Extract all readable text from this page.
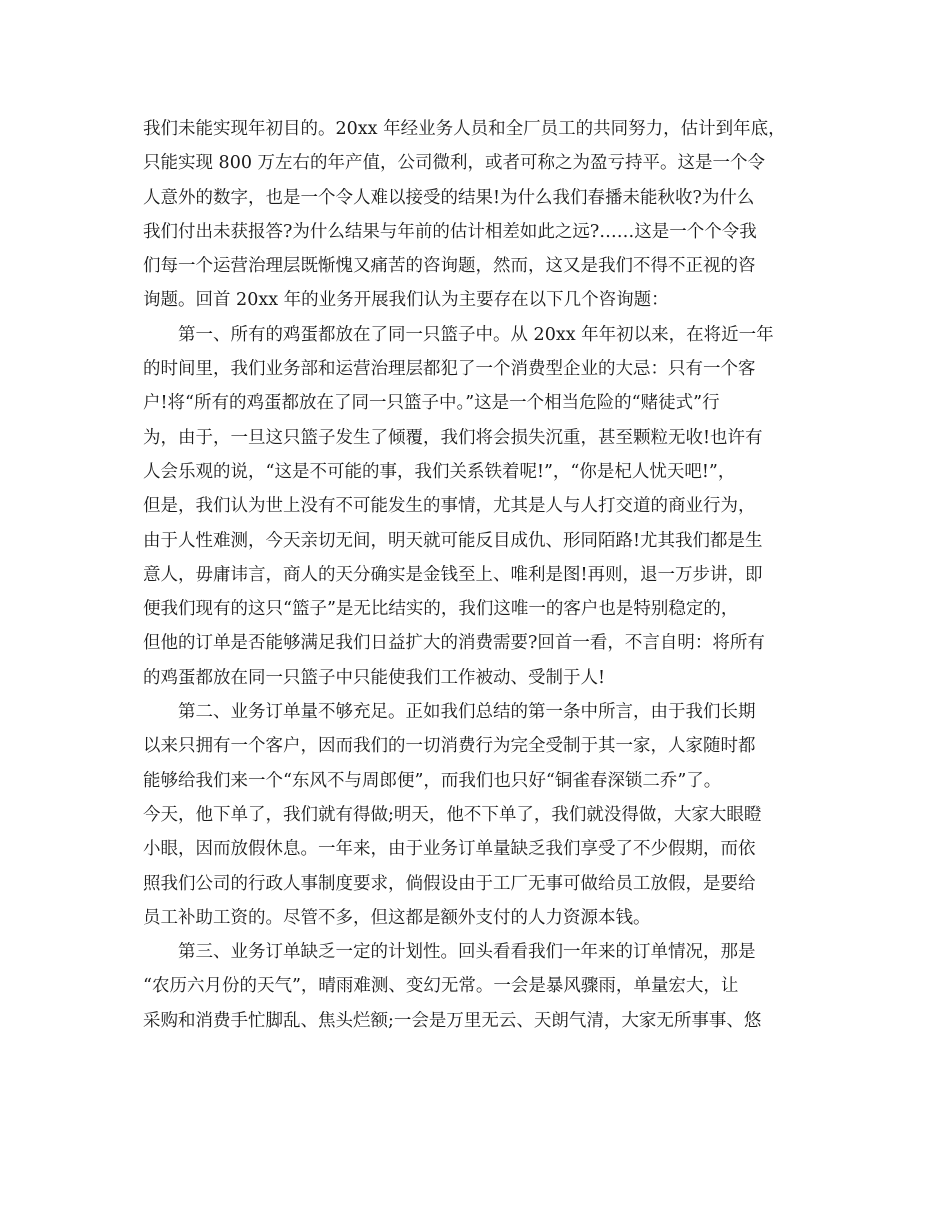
我们未能实现年初目的。20xx 年经业务人员和全厂员工的共同努力，估计到年底，
只能实现 800 万左右的年产值，公司微利，或者可称之为盈亏持平。这是一个令
人意外的数字，也是一个令人难以接受的结果!为什么我们春播未能秋收?为什么
我们付出未获报答?为什么结果与年前的估计相差如此之远?……这是一个个令我
们每一个运营治理层既惭愧又痛苦的咨询题，然而，这又是我们不得不正视的咨
询题。回首 20xx 年的业务开展我们认为主要存在以下几个咨询题：

第一、所有的鸡蛋都放在了同一只篮子中。从 20xx 年年初以来，在将近一年
的时间里，我们业务部和运营治理层都犯了一个消费型企业的大忌：只有一个客
户!将“所有的鸡蛋都放在了同一只篮子中。”这是一个相当危险的“赌徒式”行
为，由于，一旦这只篮子发生了倾覆，我们将会损失沉重，甚至颗粒无收!也许有
人会乐观的说，“这是不可能的事，我们关系铁着呢!”，“你是杞人忧天吧!”，
但是，我们认为世上没有不可能发生的事情，尤其是人与人打交道的商业行为，
由于人性难测，今天亲切无间，明天就可能反目成仇、形同陌路!尤其我们都是生
意人，毋庸讳言，商人的天分确实是金钱至上、唯利是图!再则，退一万步讲，即
便我们现有的这只“篮子”是无比结实的，我们这唯一的客户也是特别稳定的，
但他的订单是否能够满足我们日益扩大的消费需要?回首一看，不言自明：将所有
的鸡蛋都放在同一只篮子中只能使我们工作被动、受制于人!

第二、业务订单量不够充足。正如我们总结的第一条中所言，由于我们长期
以来只拥有一个客户，因而我们的一切消费行为完全受制于其一家，人家随时都
能够给我们来一个“东风不与周郎便”，而我们也只好“铜雀春深锁二乔”了。
今天，他下单了，我们就有得做;明天，他不下单了，我们就没得做，大家大眼瞪
小眼，因而放假休息。一年来，由于业务订单量缺乏我们享受了不少假期，而依
照我们公司的行政人事制度要求，倘假设由于工厂无事可做给员工放假，是要给
员工补助工资的。尽管不多，但这都是额外支付的人力资源本钱。

第三、业务订单缺乏一定的计划性。回头看看我们一年来的订单情况，那是
“农历六月份的天气”，晴雨难测、变幻无常。一会是暴风骤雨，单量宏大，让
采购和消费手忙脚乱、焦头烂额;一会是万里无云、天朗气清，大家无所事事、悠
